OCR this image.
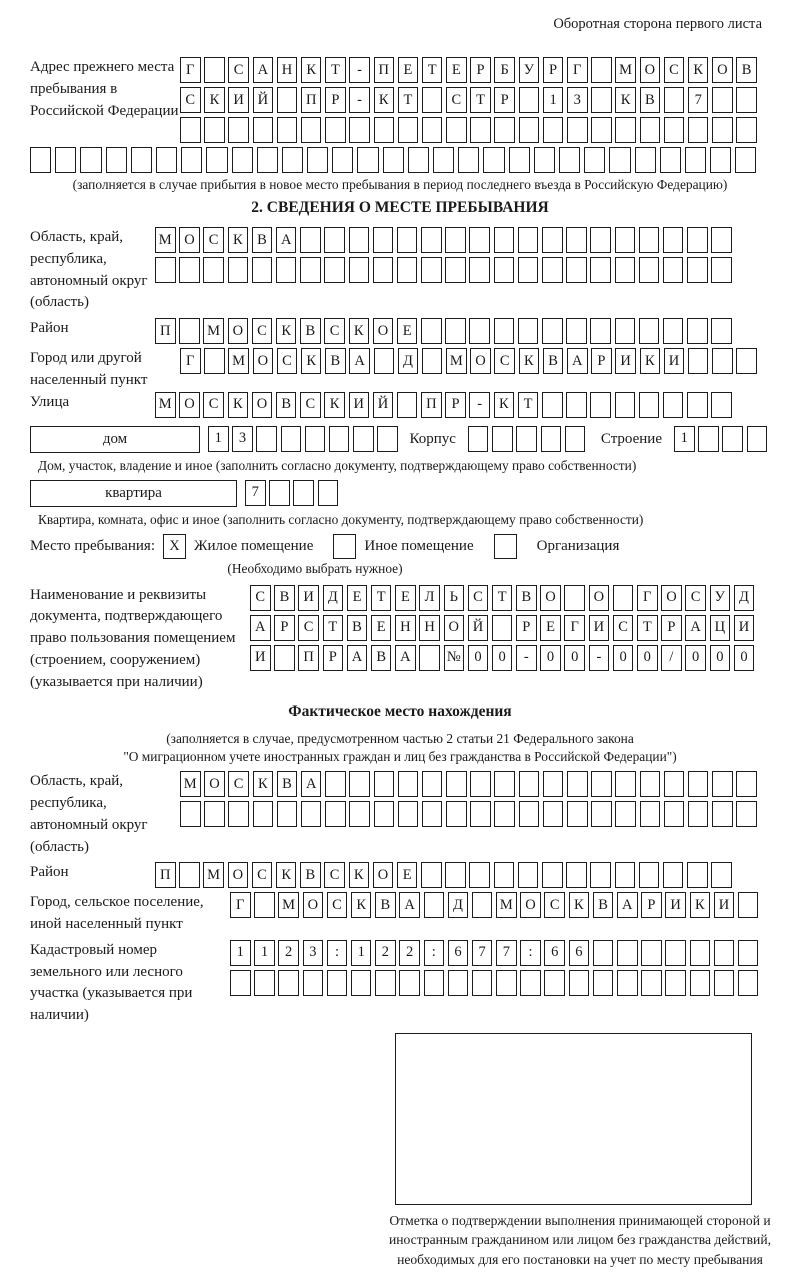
Оборотная сторона первого листа
Адрес прежнего места пребывания в Российской Федерации
Г	С А Н К	Т	-	П	Е	Т	Е	Р	Б	У	Р	Г	М О С	К О В
С	К И Й	П	Р	-	К	Т	С	Т	Р	1	3	К	В	7
(заполняется в случае прибытия в новое место пребывания в период последнего въезда в Российскую Федерацию)
2. СВЕДЕНИЯ О МЕСТЕ ПРЕБЫВАНИЯ
Область, край, республика, автономный округ (область)
М О С	К	В А
Район	П	М О С	К	В	С	К О	Е
Город или другой населенный пункт
Г	М О С	К	В А	Д	М О С	К	В А	Р	И К И
Улица	М О С	К О В	С	К И Й	П	Р	-	К	Т
дом	1	3	Корпус	Строение	1
Дом, участок, владение и иное (заполнить согласно документу, подтверждающему право собственности)
квартира	7
Квартира, комната, офис и иное (заполнить согласно документу, подтверждающему право собственности)
Место пребывания: X Жилое помещение	Иное помещение	Организация
(Необходимо выбрать нужное)
Наименование и реквизиты документа, подтверждающего право пользования помещением (строением, сооружением) (указывается при наличии)
С	В И Д	Е	Т	Е	Л	Ь	С	Т	В О	О	Г	О С У Д
А	Р	С	Т	В	Е	Н Н О Й	Р	Е	Г	И С	Т	Р	А Ц И
И	П	Р	А В А	№ 0	0	-	0	0	-	0	0	/	0	0	0
Фактическое место нахождения
(заполняется в случае, предусмотренном частью 2 статьи 21 Федерального закона
"О миграционном учете иностранных граждан и лиц без гражданства в Российской Федерации")
Область, край, республика, автономный округ (область)
М О С	К	В А
Район	П	М О С	К	В	С	К О	Е
Город, сельское поселение, иной населенный пункт
Г	М О С	К	В А	Д	М О С	К	В А	Р	И К И
Кадастровый номер земельного или лесного участка (указывается при наличии)
1	1	2	3	:	1	2	2	:	6	7	7	:	6	6
Отметка о подтверждении выполнения принимающей стороной и иностранным гражданином или лицом без гражданства действий, необходимых для его постановки на учет по месту пребывания
